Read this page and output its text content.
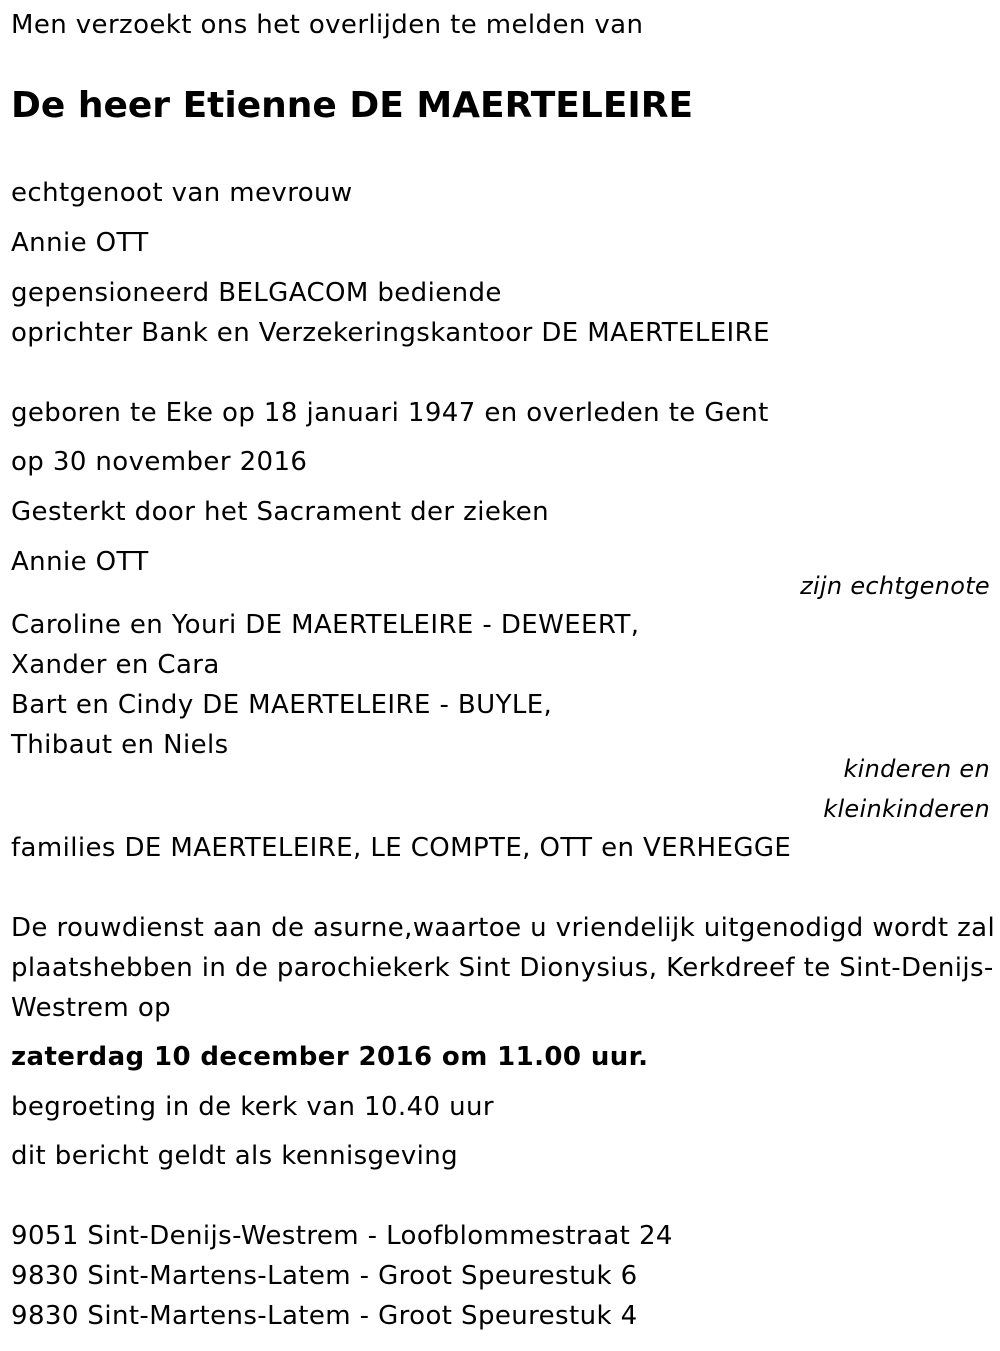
Men verzoekt ons het overlijden te melden van
De heer Etienne DE MAERTELEIRE
echtgenoot van mevrouw
Annie OTT
gepensioneerd BELGACOM bediende
oprichter Bank en Verzekeringskantoor DE MAERTELEIRE
geboren te Eke op 18 januari 1947 en overleden te Gent
op 30 november 2016
Gesterkt door het Sacrament der zieken
Annie OTT
zijn echtgenote
Caroline en Youri DE MAERTELEIRE - DEWEERT,
Xander en Cara
Bart en Cindy DE MAERTELEIRE - BUYLE,
Thibaut en Niels
kinderen en
kleinkinderen
families DE MAERTELEIRE, LE COMPTE, OTT en VERHEGGE
De rouwdienst aan de asurne,waartoe u vriendelijk uitgenodigd wordt zal
plaatshebben in de parochiekerk Sint Dionysius, Kerkdreef te Sint-Denijs-
Westrem op
zaterdag 10 december 2016 om 11.00 uur.
begroeting in de kerk van 10.40 uur
dit bericht geldt als kennisgeving
9051 Sint-Denijs-Westrem - Loofblommestraat 24
9830 Sint-Martens-Latem - Groot Speurestuk 6
9830 Sint-Martens-Latem - Groot Speurestuk 4
